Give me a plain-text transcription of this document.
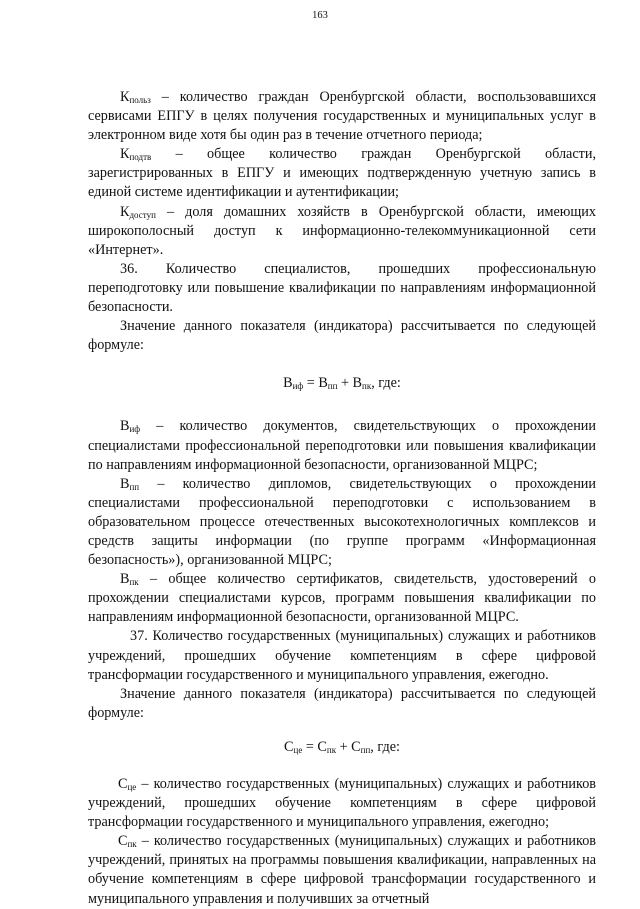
163

$К_{польз}$ – количество граждан Оренбургской области, воспользовавшихся сервисами ЕПГУ в целях получения государственных и муниципальных услуг в электронном виде хотя бы один раз в течение отчетного периода;

$К_{подтв}$ – общее количество граждан Оренбургской области, зарегистрированных в ЕПГУ и имеющих подтвержденную учетную запись в единой системе идентификации и аутентификации;

$К_{доступ}$ – доля домашних хозяйств в Оренбургской области, имеющих широкополосный доступ к информационно-телекоммуникационной сети «Интернет».

36. Количество специалистов, прошедших профессиональную переподготовку или повышение квалификации по направлениям информационной безопасности.

Значение данного показателя (индикатора) рассчитывается по следующей формуле:

$В_{иф} = В_{пп} + В_{пк}$, где:

$В_{иф}$ – количество документов, свидетельствующих о прохождении специалистами профессиональной переподготовки или повышения квалификации по направлениям информационной безопасности, организованной МЦРС;

$В_{пп}$ – количество дипломов, свидетельствующих о прохождении специалистами профессиональной переподготовки с использованием в образовательном процессе отечественных высокотехнологичных комплексов и средств защиты информации (по группе программ «Информационная безопасность»), организованной МЦРС;

$В_{пк}$ – общее количество сертификатов, свидетельств, удостоверений о прохождении специалистами курсов, программ повышения квалификации по направлениям информационной безопасности, организованной МЦРС.

37. Количество государственных (муниципальных) служащих и работников учреждений, прошедших обучение компетенциям в сфере цифровой трансформации государственного и муниципального управления, ежегодно.

Значение данного показателя (индикатора) рассчитывается по следующей формуле:

$С_{це} = С_{пк} + С_{пп}$, где:

$С_{це}$ – количество государственных (муниципальных) служащих и работников учреждений, прошедших обучение компетенциям в сфере цифровой трансформации государственного и муниципального управления, ежегодно;

$С_{пк}$ – количество государственных (муниципальных) служащих и работников учреждений, принятых на программы повышения квалификации, направленных на обучение компетенциям в сфере цифровой трансформации государственного и муниципального управления и получивших за отчетный
